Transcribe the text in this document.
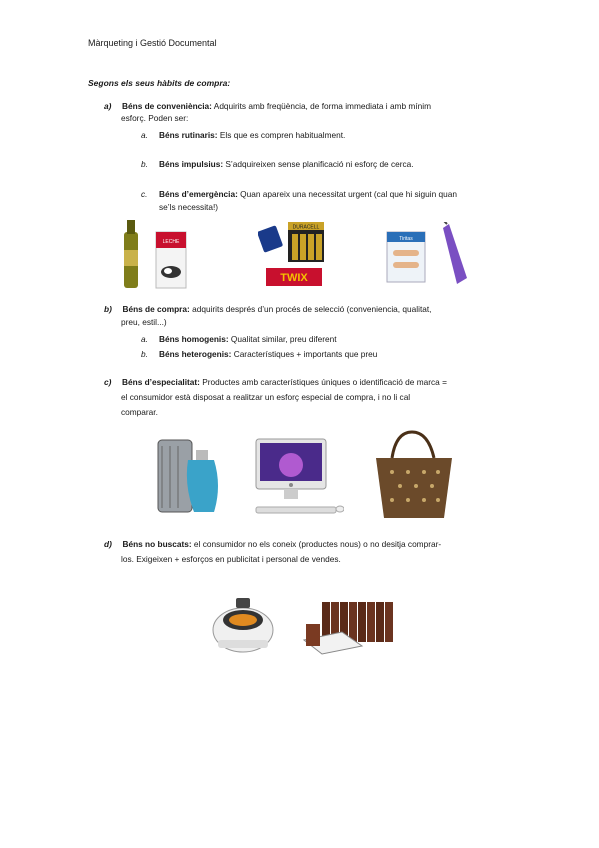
Màrqueting i Gestió Documental
Segons els seus hàbits de compra:
a) Béns de conveniència: Adquirits amb freqüència, de forma immediata i amb mínim
esforç. Poden ser:
a. Béns rutinaris: Els que es compren habitualment.
b. Béns impulsius: S’adquireixen sense planificació ni esforç de cerca.
c. Béns d’emergència: Quan apareix una necessitat urgent (cal que hi siguin quan
se’ls necessita!)
LECHE
DURACELL
TWIX
Tiritas
b) Béns de compra: adquirits després d’un procés de selecció (conveniencia, qualitat,
preu, estil...)
a. Béns homogenis: Qualitat similar, preu diferent
b. Béns heterogenis: Característiques + importants que preu
c) Béns d’especialitat: Productes amb característiques úniques o identificació de marca =
el consumidor està disposat a realitzar un esforç especial de compra, i no li cal
comparar.
d) Béns no buscats: el consumidor no els coneix (productes nous) o no desitja comprar-
los. Exigeixen + esforços en publicitat i personal de vendes.
